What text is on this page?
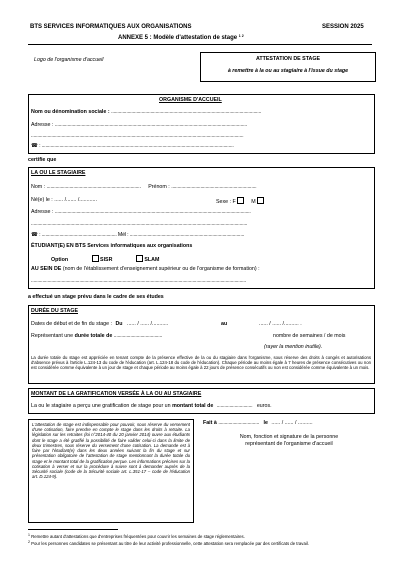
BTS SERVICES INFORMATIQUES AUX ORGANISATIONS	SESSION 2025
ANNEXE 5 : Modèle d'attestation de stage $^{1 2}$
Logo de l'organisme d'accueil	ATTESTATION DE STAGE
à remettre à la ou au stagiaire à l'issue du stage
ORGANISME D'ACCUEIL
Nom ou dénomination sociale : ......................................................................................................................
Adresse : .......................................................................................................................................................
.......................................................................................................................................................................
☎ : .......................................................................................................................................................
certifie que
LA OU LE STAGIAIRE
Nom : .......................................................................... Prénom : ...................................................................
Né(e) le : ...... /....... /............	Sexe : F	M
Adresse : ..........................................................................................................................................................
..........................................................................................................................................................................
☎ : ........................................................... Mél : ..........................................................................................
ÉTUDIANT(E) EN BTS Services informatiques aux organisations
Option	SISR	SLAM
AU SEIN DE (nom de l'établissement d'enseignement supérieur ou de l'organisme de formation) :
.........................................................................................................................................................................
a effectué un stage prévu dans le cadre de ses études
DURÉE DU STAGE
Dates de début et de fin du stage : Du ...... / ...... /...........	au	...... / ...... /.......... .
Représentant une durée totale de ......................................	nombre de semaines / de mois
(rayer la mention inutile).
La durée totale du stage est appréciée en tenant compte de la présence effective de la ou du stagiaire dans l'organisme, sous réserve des droits à congés et autorisations d'absence prévus à l'article L.124-13 du code de l'éducation (art. L.124-18 du code de l'éducation). Chaque période au moins égale à 7 heures de présence consécutives ou non est considérée comme équivalente à un jour de stage et chaque période au moins égale à 22 jours de présence consécutifs ou non est considérée comme équivalente à un mois.
MONTANT DE LA GRATIFICATION VERSÉE À LA OU AU STAGIAIRE
La ou le stagiaire a perçu une gratification de stage pour un montant total de ............................ euros.
L'attestation de stage est indispensable pour pouvoir, sous réserve du versement d'une cotisation, faire prendre en compte le stage dans les droits à retraite. La législation sur les retraites (loi n°2014-40 du 20 janvier 2014) ouvre aux étudiants dont le stage a été gratifié la possibilité de faire valider celui-ci dans la limite de deux trimestres, sous réserve du versement d'une cotisation. La demande est à faire par l'étudiant(e) dans les deux années suivant la fin du stage et sur présentation obligatoire de l'attestation de stage mentionnant la durée totale du stage et le montant total de la gratification perçue. Les informations précises sur la cotisation à verser et sur la procédure à suivre sont à demander auprès de la Sécurité sociale (code de la Sécurité sociale art. L.351-17 – code de l'éducation art. D.124-9).
Fait à ................................ le ...... / ...... / ..........
Nom, fonction et signature de la personne
représentant de l'organisme d'accueil
$^1$ Remettre autant d'attestations que d'entreprises fréquentées pour couvrir les semaines de stage réglementaires.
$^2$ Pour les personnes candidates se présentant au titre de leur activité professionnelle, cette attestation sera remplacée par des certificats de travail.
